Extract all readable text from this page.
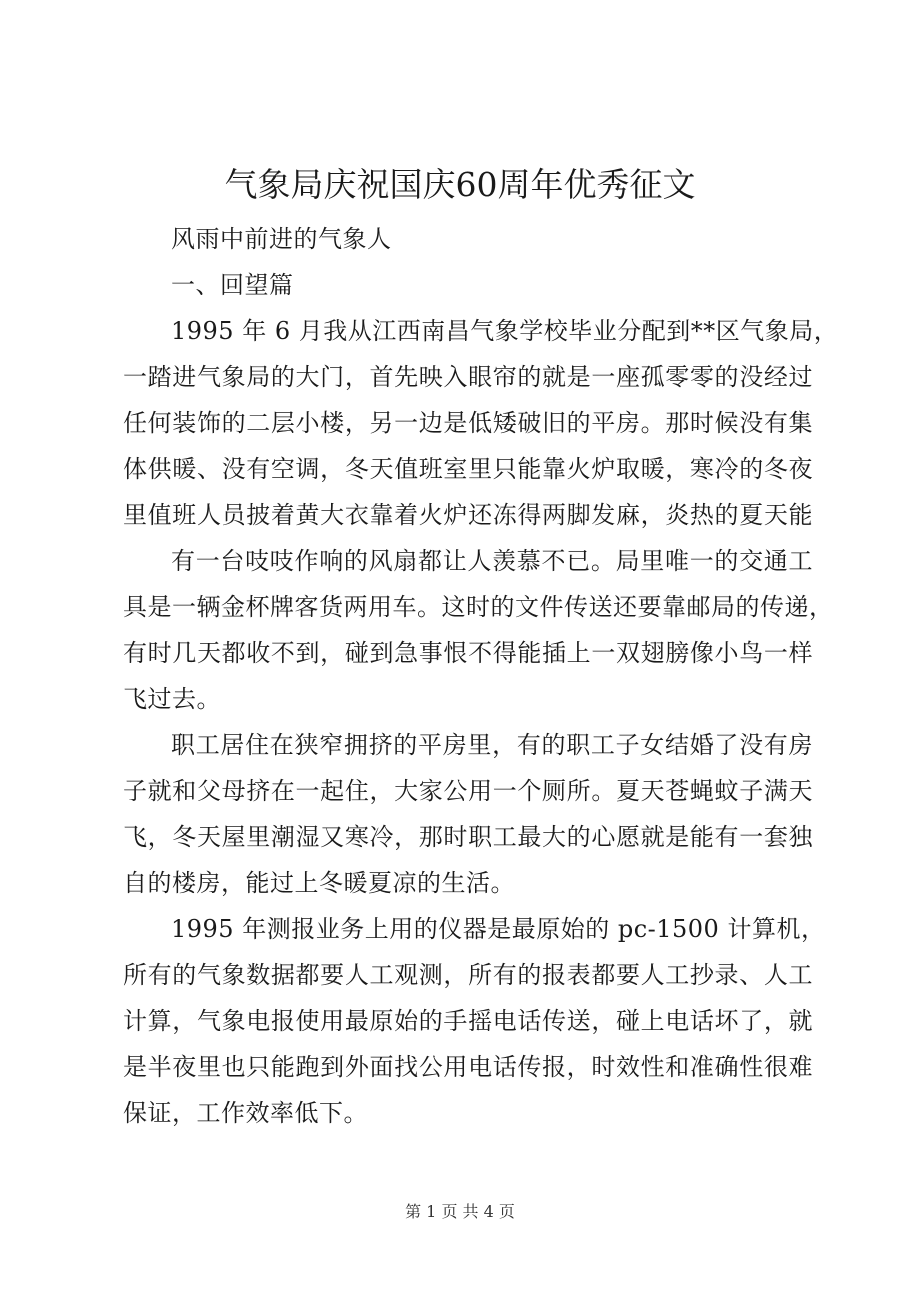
气象局庆祝国庆60周年优秀征文
风雨中前进的气象人
一、回望篇
1995 年 6 月我从江西南昌气象学校毕业分配到**区气象局，
一踏进气象局的大门，首先映入眼帘的就是一座孤零零的没经过
任何装饰的二层小楼，另一边是低矮破旧的平房。那时候没有集
体供暖、没有空调，冬天值班室里只能靠火炉取暖，寒冷的冬夜
里值班人员披着黄大衣靠着火炉还冻得两脚发麻，炎热的夏天能
有一台吱吱作响的风扇都让人羡慕不已。局里唯一的交通工
具是一辆金杯牌客货两用车。这时的文件传送还要靠邮局的传递，
有时几天都收不到，碰到急事恨不得能插上一双翅膀像小鸟一样
飞过去。
职工居住在狭窄拥挤的平房里，有的职工子女结婚了没有房
子就和父母挤在一起住，大家公用一个厕所。夏天苍蝇蚊子满天
飞，冬天屋里潮湿又寒冷，那时职工最大的心愿就是能有一套独
自的楼房，能过上冬暖夏凉的生活。
1995 年测报业务上用的仪器是最原始的 pc-1500 计算机，
所有的气象数据都要人工观测，所有的报表都要人工抄录、人工
计算，气象电报使用最原始的手摇电话传送，碰上电话坏了，就
是半夜里也只能跑到外面找公用电话传报，时效性和准确性很难
保证，工作效率低下。
第 1 页 共 4 页
